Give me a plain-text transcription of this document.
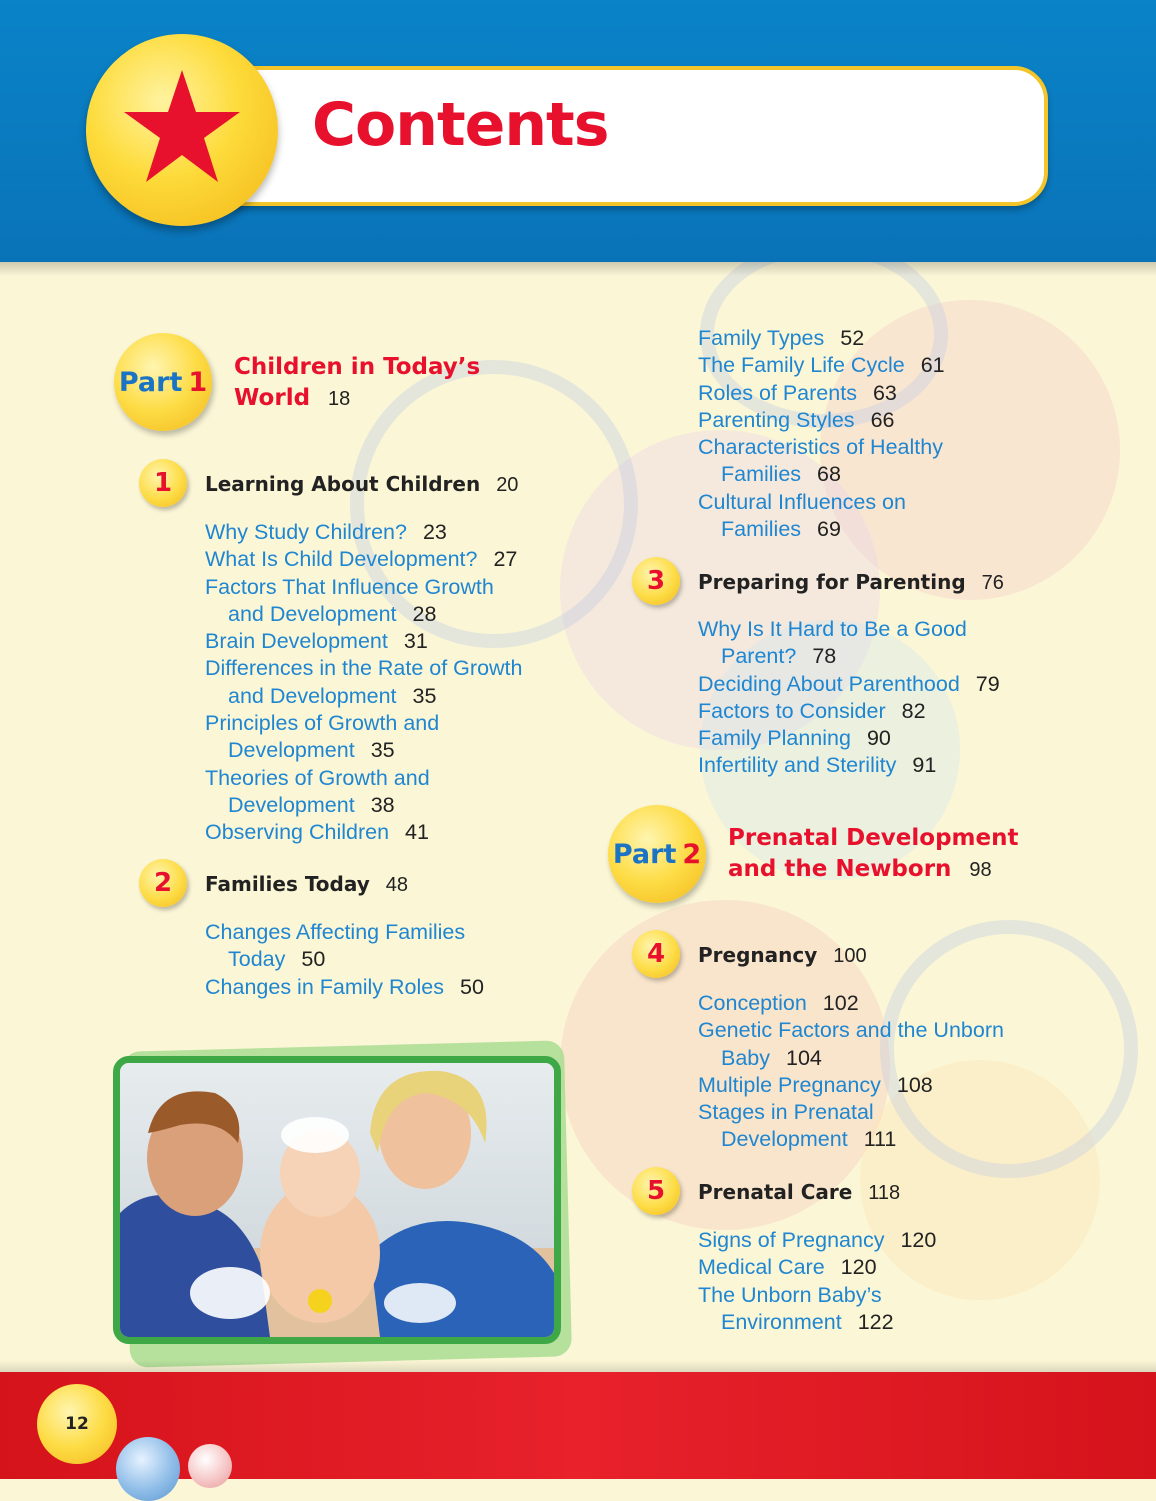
Contents
Part 1 Children in Today’s
World 18
1	Learning About Children 20

Why Study Children? 23
What Is Child Development? 27
Factors That Influence Growth
and Development 28
Brain Development 31
Differences in the Rate of Growth
and Development 35
Principles of Growth and
Development 35
Theories of Growth and
Development 38
Observing Children 41
2	Families Today 48

Changes Affecting Families
Today 50
Changes in Family Roles 50
Family Types 52
The Family Life Cycle 61
Roles of Parents 63
Parenting Styles 66
Characteristics of Healthy
Families 68
Cultural Influences on
Families 69
3	Preparing for Parenting 76

Why Is It Hard to Be a Good
Parent? 78
Deciding About Parenthood 79
Factors to Consider 82
Family Planning 90
Infertility and Sterility 91
Part 2
Prenatal Development
and the Newborn 98
4	Pregnancy 100

Conception 102
Genetic Factors and the Unborn
Baby 104
Multiple Pregnancy 108
Stages in Prenatal
Development 111
5	Prenatal Care 118

Signs of Pregnancy 120
Medical Care 120
The Unborn Baby’s
Environment 122
12
